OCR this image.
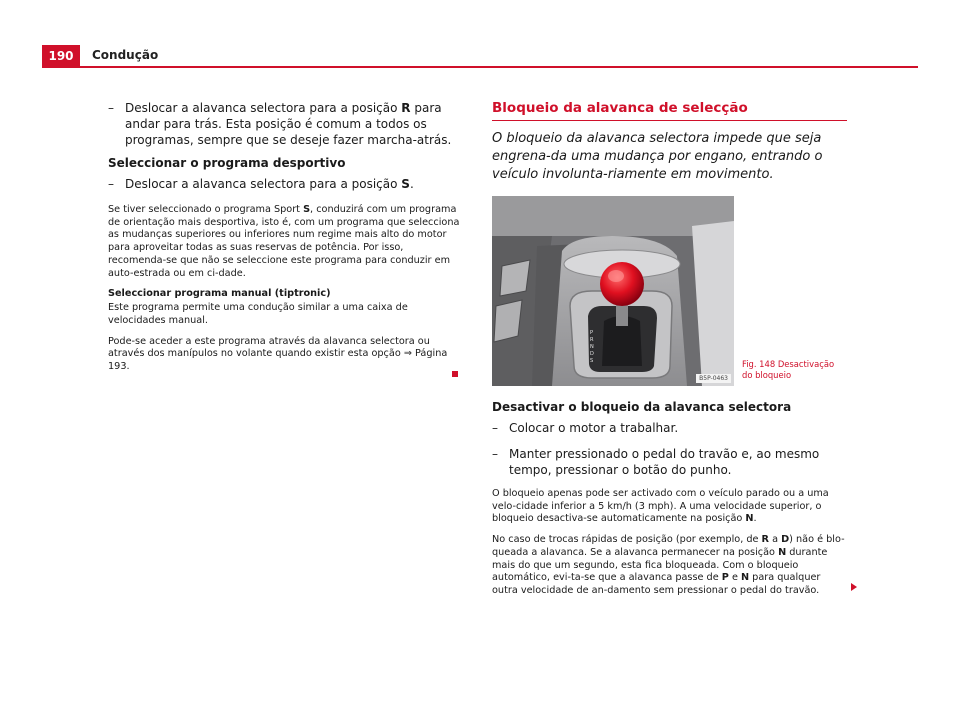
190	Condução
– Deslocar a alavanca selectora para a posição R para andar para trás. Esta posição é comum a todos os programas, sempre que se deseje fazer marcha-atrás.
Seleccionar o programa desportivo
– Deslocar a alavanca selectora para a posição S.

Se tiver seleccionado o programa Sport S, conduzirá com um programa de orientação mais desportiva, isto é, com um programa que selecciona as mudanças superiores ou inferiores num regime mais alto do motor para aproveitar todas as suas reservas de potência. Por isso, recomenda-se que não se seleccione este programa para conduzir em auto-estrada ou em ci-dade.

Seleccionar programa manual (tiptronic)

Este programa permite uma condução similar a uma caixa de velocidades manual.

Pode-se aceder a este programa através da alavanca selectora ou através dos manípulos no volante quando existir esta opção ⇒ Página 193.

Bloqueio da alavanca de selecção

O bloqueio da alavanca selectora impede que seja engrena-da uma mudança por engano, entrando o veículo involunta-riamente em movimento.

P
R
N
D
S
B5P-0463
Fig. 148 Desactivação do bloqueio
Desactivar o bloqueio da alavanca selectora
– Colocar o motor a trabalhar.
– Manter pressionado o pedal do travão e, ao mesmo tempo, pressionar o botão do punho.

O bloqueio apenas pode ser activado com o veículo parado ou a uma velo-cidade inferior a 5 km/h (3 mph). A uma velocidade superior, o bloqueio desactiva-se automaticamente na posição N.

No caso de trocas rápidas de posição (por exemplo, de R a D) não é blo-queada a alavanca. Se a alavanca permanecer na posição N durante mais do que um segundo, esta fica bloqueada. Com o bloqueio automático, evi-ta-se que a alavanca passe de P e N para qualquer outra velocidade de an-damento sem pressionar o pedal do travão.
